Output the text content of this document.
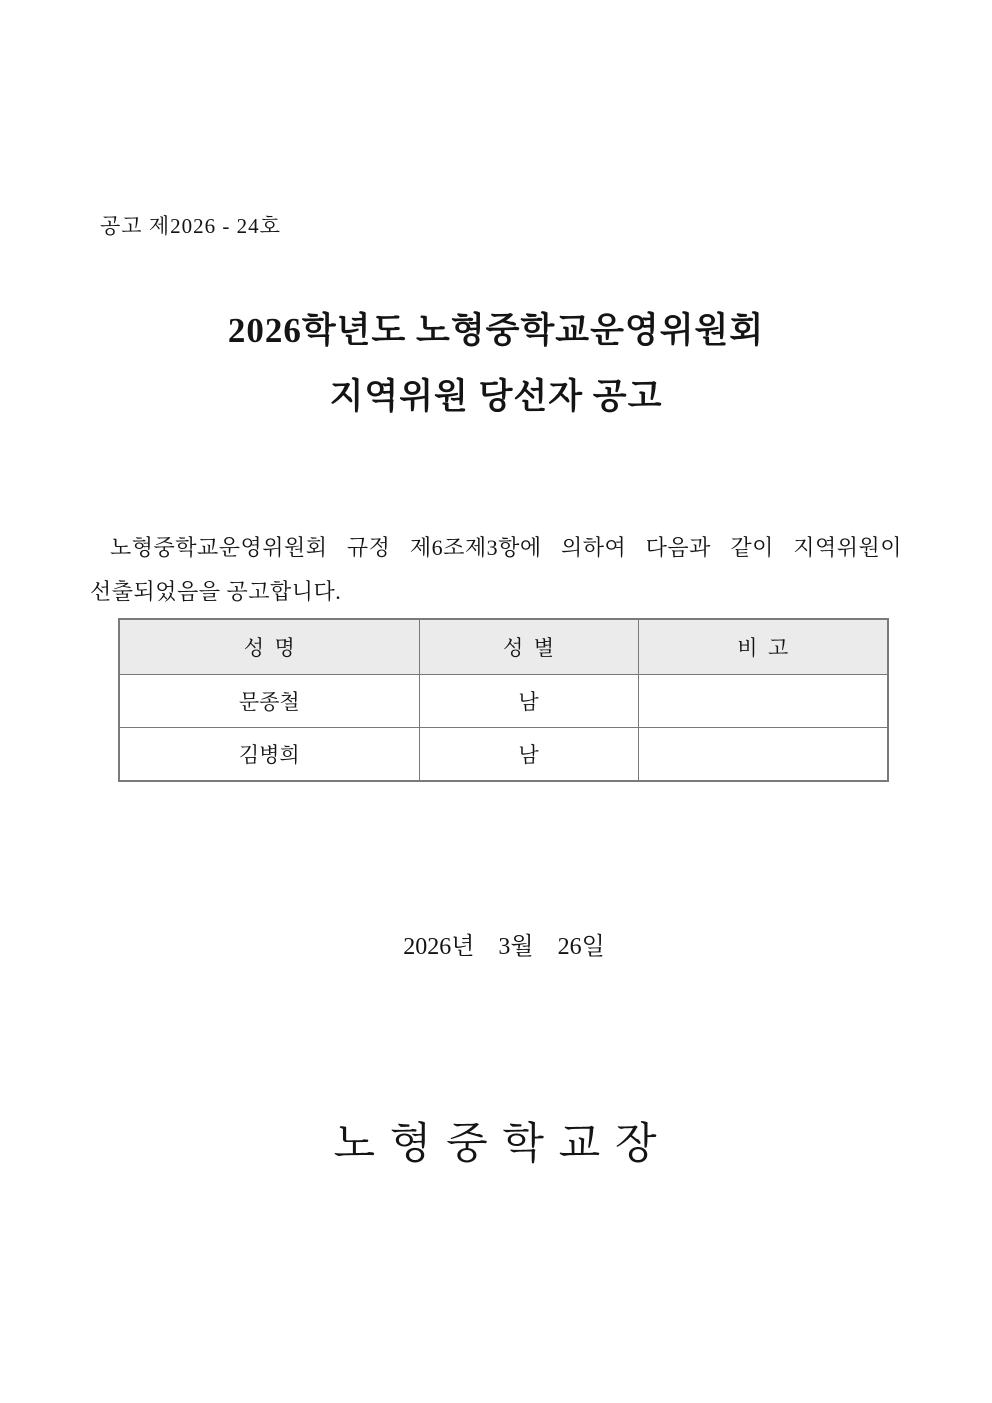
공고 제2026 - 24호
2026학년도 노형중학교운영위원회
지역위원 당선자 공고
노형중학교운영위원회 규정 제6조제3항에 의하여 다음과 같이 지역위원이 선출되었음을 공고합니다.
성  명	성  별	비  고
문종철	남	
김병희	남	
2026년    3월    26일
노 형 중 학 교 장
